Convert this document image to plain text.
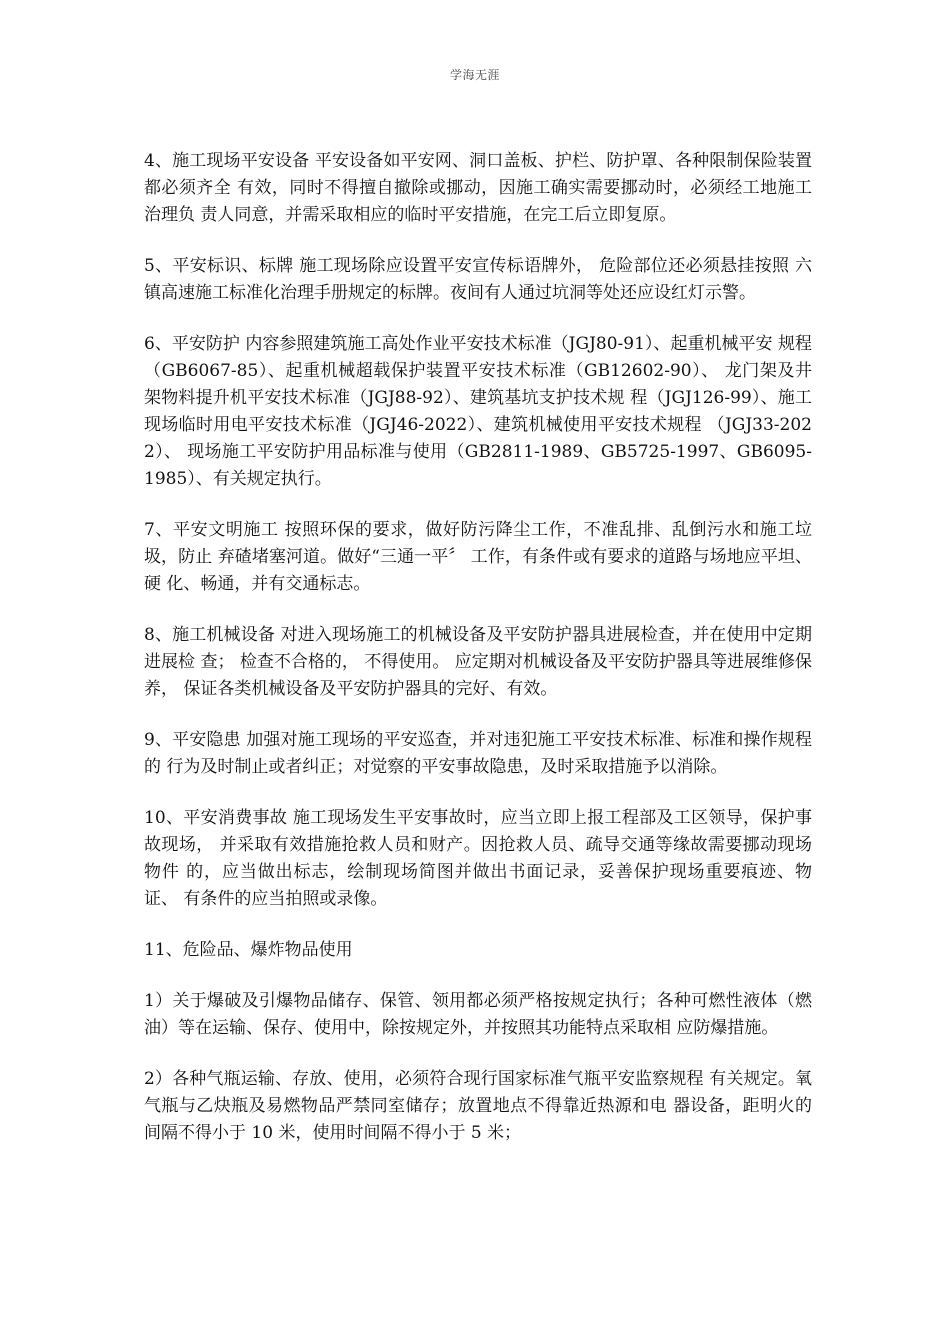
学海无涯

4、施工现场平安设备 平安设备如平安网、洞口盖板、护栏、防护罩、各种限制保险装置都必须齐全 有效，同时不得擅自撤除或挪动，因施工确实需要挪动时，必须经工地施工治理负 责人同意，并需采取相应的临时平安措施，在完工后立即复原。

5、平安标识、标牌 施工现场除应设置平安宣传标语牌外， 危险部位还必须悬挂按照 六镇高速施工标准化治理手册规定的标牌。夜间有人通过坑洞等处还应设红灯示警。

6、平安防护 内容参照建筑施工高处作业平安技术标准（JGJ80-91）、起重机械平安 规程（GB6067-85）、起重机械超载保护装置平安技术标准（GB12602-90）、 龙门架及井架物料提升机平安技术标准（JGJ88-92）、建筑基坑支护技术规 程（JGJ126-99）、施工现场临时用电平安技术标准（JGJ46-2022）、建筑机械使用平安技术规程 （JGJ33-2022）、 现场施工平安防护用品标准与使用（GB2811-1989、GB5725-1997、GB6095-1985）、有关规定执行。

7、平安文明施工 按照环保的要求，做好防污降尘工作，不准乱排、乱倒污水和施工垃圾，防止 弃碴堵塞河道。做好“三通一平〞 工作，有条件或有要求的道路与场地应平坦、硬 化、畅通，并有交通标志。

8、施工机械设备 对进入现场施工的机械设备及平安防护器具进展检查，并在使用中定期进展检 查； 检查不合格的， 不得使用。 应定期对机械设备及平安防护器具等进展维修保养， 保证各类机械设备及平安防护器具的完好、有效。

9、平安隐患 加强对施工现场的平安巡查，并对违犯施工平安技术标准、标准和操作规程的 行为及时制止或者纠正；对觉察的平安事故隐患，及时采取措施予以消除。

10、平安消费事故 施工现场发生平安事故时，应当立即上报工程部及工区领导，保护事故现场， 并采取有效措施抢救人员和财产。因抢救人员、疏导交通等缘故需要挪动现场物件 的，应当做出标志，绘制现场简图并做出书面记录，妥善保护现场重要痕迹、物证、 有条件的应当拍照或录像。

11、危险品、爆炸物品使用

1）关于爆破及引爆物品储存、保管、领用都必须严格按规定执行；各种可燃性液体（燃油）等在运输、保存、使用中，除按规定外，并按照其功能特点采取相 应防爆措施。

2）各种气瓶运输、存放、使用，必须符合现行国家标准气瓶平安监察规程 有关规定。氧气瓶与乙炔瓶及易燃物品严禁同室储存；放置地点不得靠近热源和电 器设备，距明火的间隔不得小于 10 米，使用时间隔不得小于 5 米；
